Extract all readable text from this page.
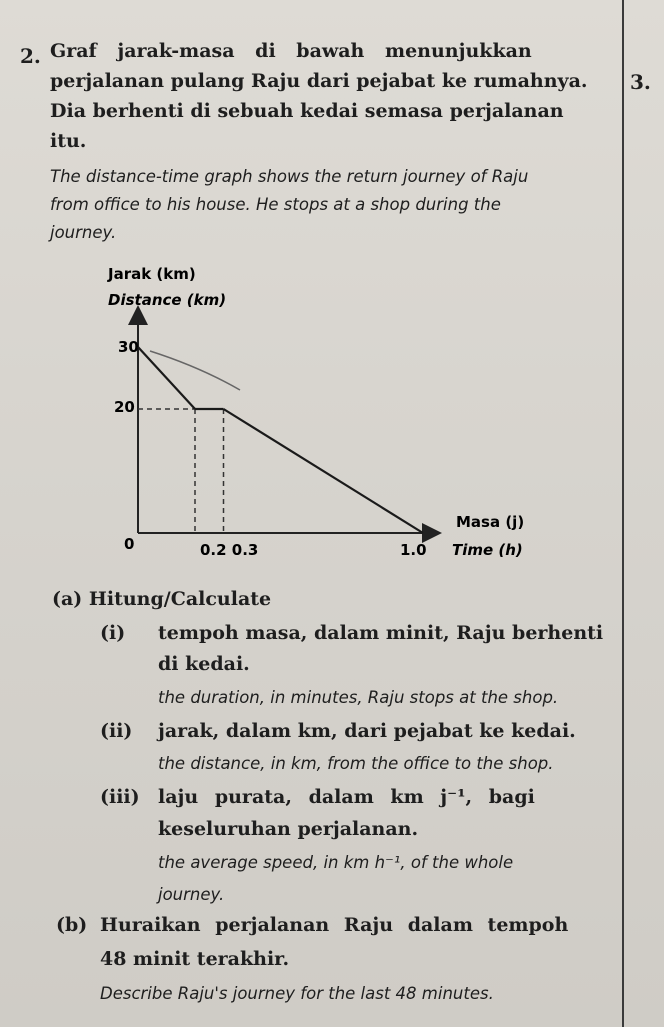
3.
2. Graf jarak-masa di bawah menunjukkan
perjalanan pulang Raju dari pejabat ke rumahnya.
Dia berhenti di sebuah kedai semasa perjalanan
itu.
The distance-time graph shows the return journey of Raju
from office to his house. He stops at a shop during the
journey.
Jarak (km)
Distance (km)
30
20
0	0.2 0.3	1.0
Masa (j)
Time (h)
(a) Hitung/Calculate
(i) tempoh masa, dalam minit, Raju berhenti
di kedai.
the duration, in minutes, Raju stops at the shop.
(ii) jarak, dalam km, dari pejabat ke kedai.
the distance, in km, from the office to the shop.
(iii) laju purata, dalam km j⁻¹, bagi
keseluruhan perjalanan.
the average speed, in km h⁻¹, of the whole
journey.
(b) Huraikan perjalanan Raju dalam tempoh
48 minit terakhir.
Describe Raju's journey for the last 48 minutes.
